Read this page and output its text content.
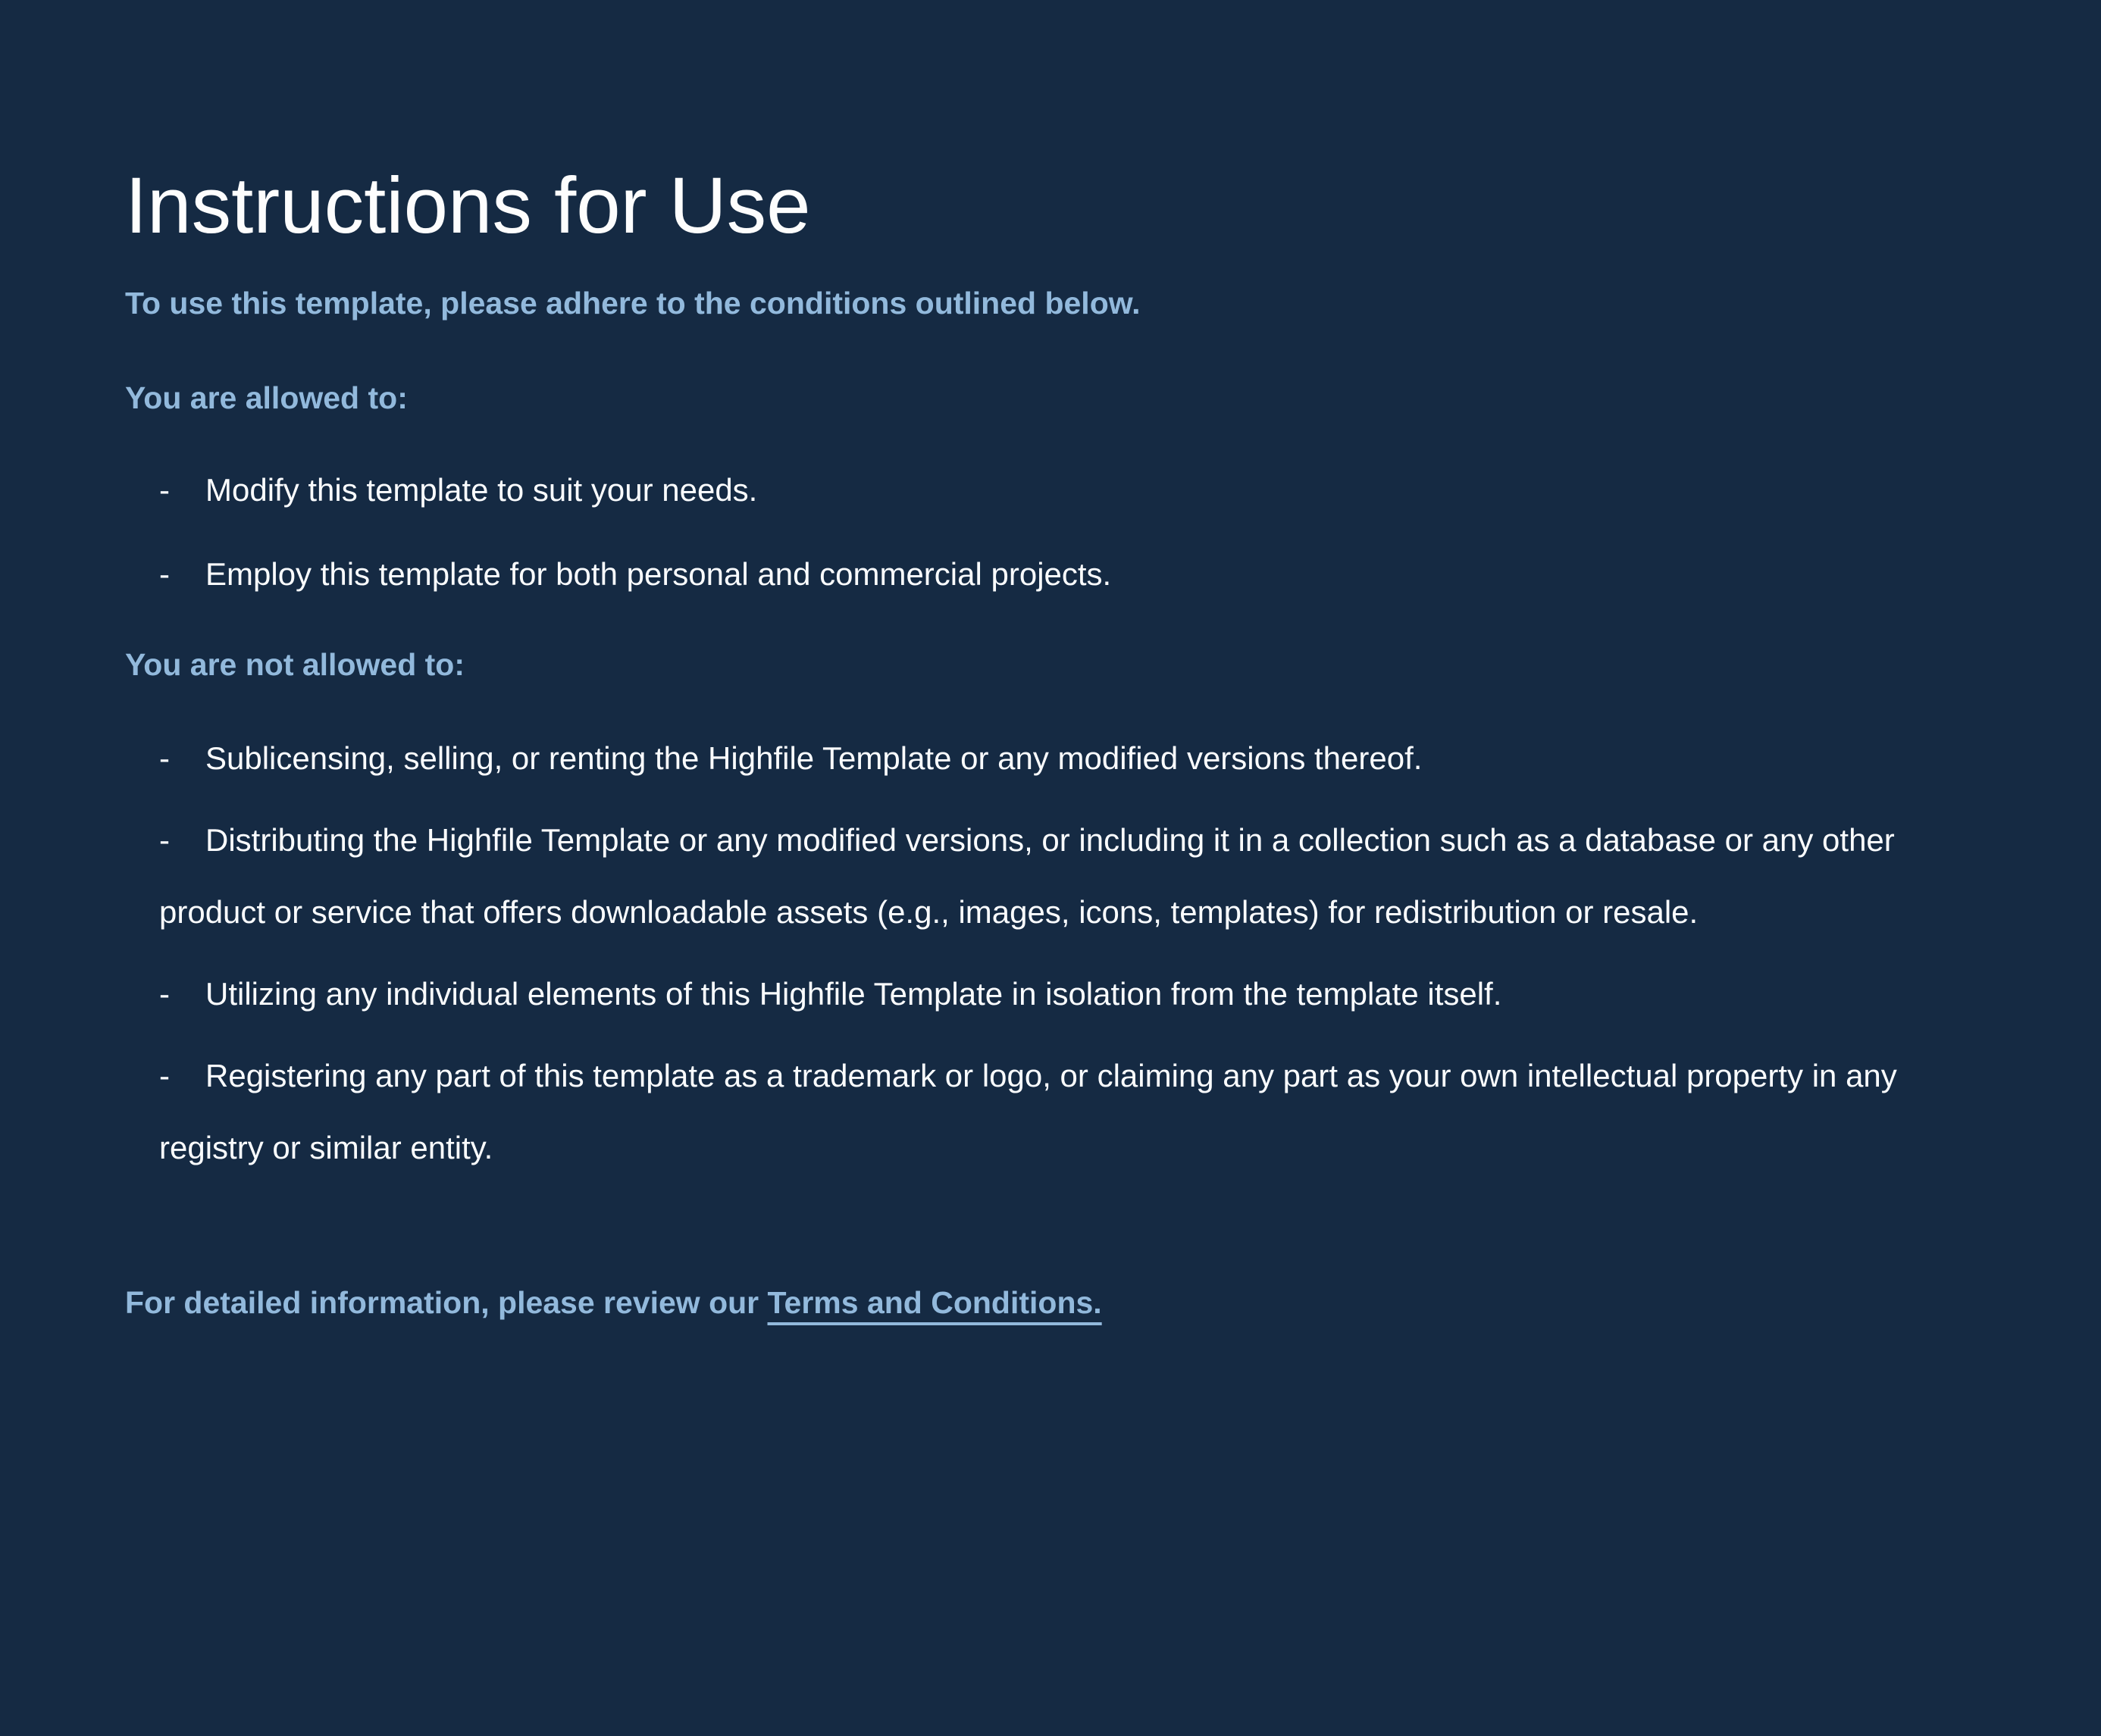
Instructions for Use

To use this template, please adhere to the conditions outlined below.

You are allowed to:

- Modify this template to suit your needs.

- Employ this template for both personal and commercial projects.

You are not allowed to:

- Sublicensing, selling, or renting the Highfile Template or any modified versions thereof.

- Distributing the Highfile Template or any modified versions, or including it in a collection such as a database or any other product or service that offers downloadable assets (e.g., images, icons, templates) for redistribution or resale.

- Utilizing any individual elements of this Highfile Template in isolation from the template itself.

- Registering any part of this template as a trademark or logo, or claiming any part as your own intellectual property in any registry or similar entity.

For detailed information, please review our Terms and Conditions.
